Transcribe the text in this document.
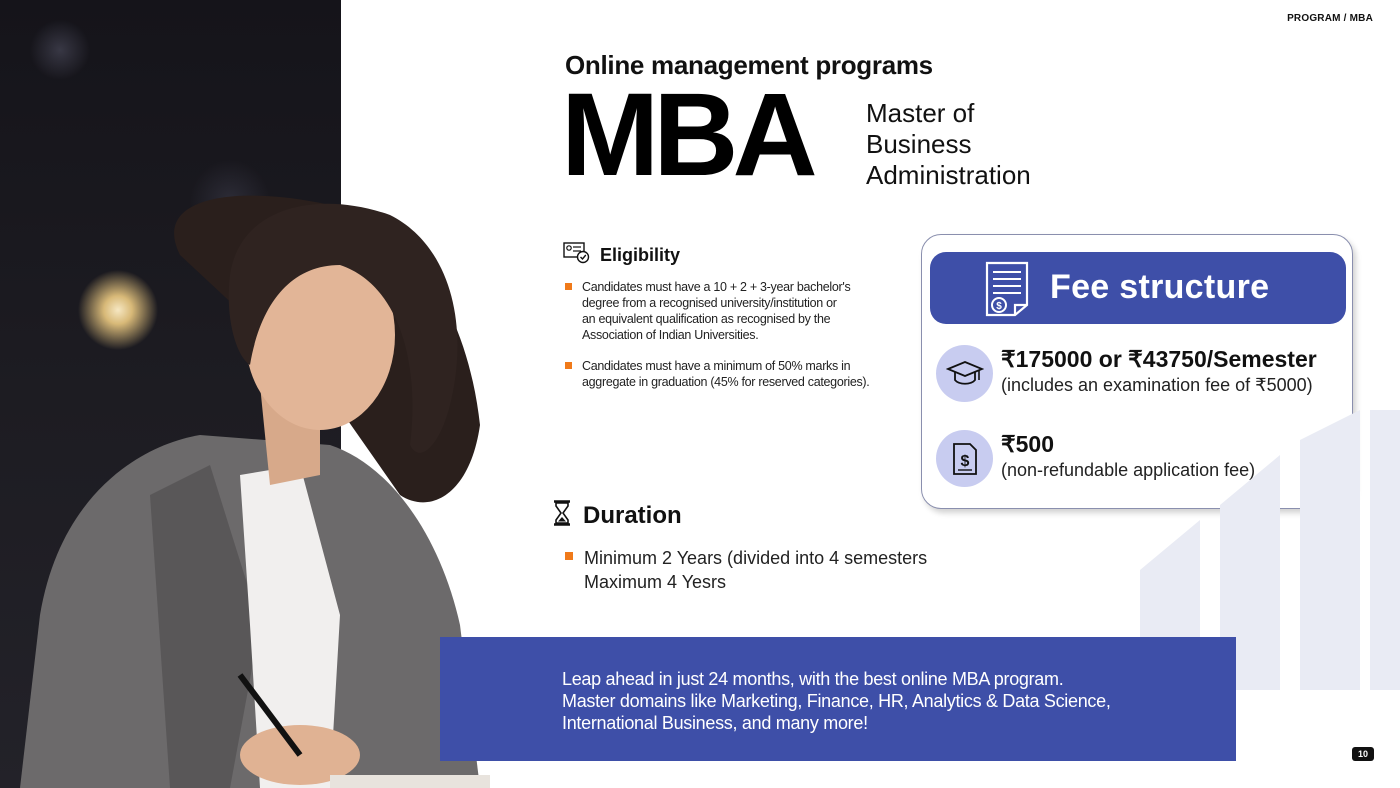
PROGRAM / MBA
Online management programs
MBA Master of
Business
Administration
Eligibility
Candidates must have a 10 + 2 + 3-year bachelor's
degree from a recognised university/institution or
an equivalent qualification as recognised by the
Association of Indian Universities.
Candidates must have a minimum of 50% marks in
aggregate in graduation (45% for reserved categories).
Duration
Minimum 2 Years (divided into 4 semesters
Maximum 4 Yesrs
$
Fee structure
₹175000 or ₹43750/Semester
(includes an examination fee of ₹5000)
$
₹500
(non-refundable application fee)
Leap ahead in just 24 months, with the best online MBA program.
Master domains like Marketing, Finance, HR, Analytics & Data Science,
International Business, and many more!
10
